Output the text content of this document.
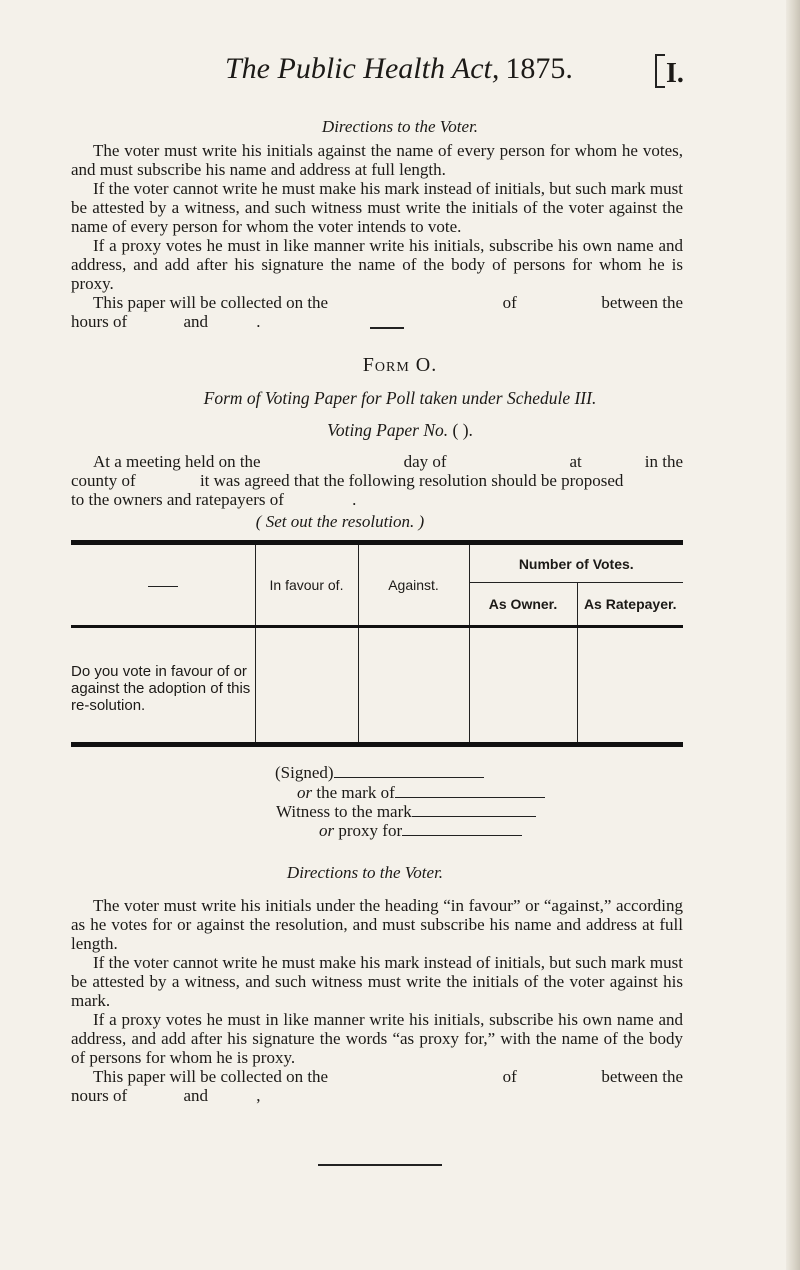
The Public Health Act, 1875.	I.
Directions to the Voter.

The voter must write his initials against the name of every person for whom he votes, and must subscribe his name and address at full length.

If the voter cannot write he must make his mark instead of initials, but such mark must be attested by a witness, and such witness must write the initials of the voter against the name of every person for whom the voter intends to vote.

If a proxy votes he must in like manner write his initials, subscribe his own name and address, and add after his signature the name of the body of persons for whom he is proxy.

This paper will be collected on the	of	between the
hours of	and	.
Form O.
Form of Voting Paper for Poll taken under Schedule III.
Voting Paper No. ( ).
At a meeting held on the	day of	at	in the
county of	it was agreed that the following resolution should be proposed
to the owners and ratepayers of	.
( Set out the resolution. )
	In favour of.	Against.	Number of Votes.	
			As Owner.	As Ratepayer.
Do you vote in favour of or against the adoption of this re-solution.				
(Signed)
or the mark of
Witness to the mark
or proxy for
Directions to the Voter.

The voter must write his initials under the heading “in favour” or “against,” according as he votes for or against the resolution, and must subscribe his name and address at full length.

If the voter cannot write he must make his mark instead of initials, but such mark must be attested by a witness, and such witness must write the initials of the voter against his mark.

If a proxy votes he must in like manner write his initials, subscribe his own name and address, and add after his signature the words “as proxy for,” with the name of the body of persons for whom he is proxy.

This paper will be collected on the	of	between the
nours of	and	,
